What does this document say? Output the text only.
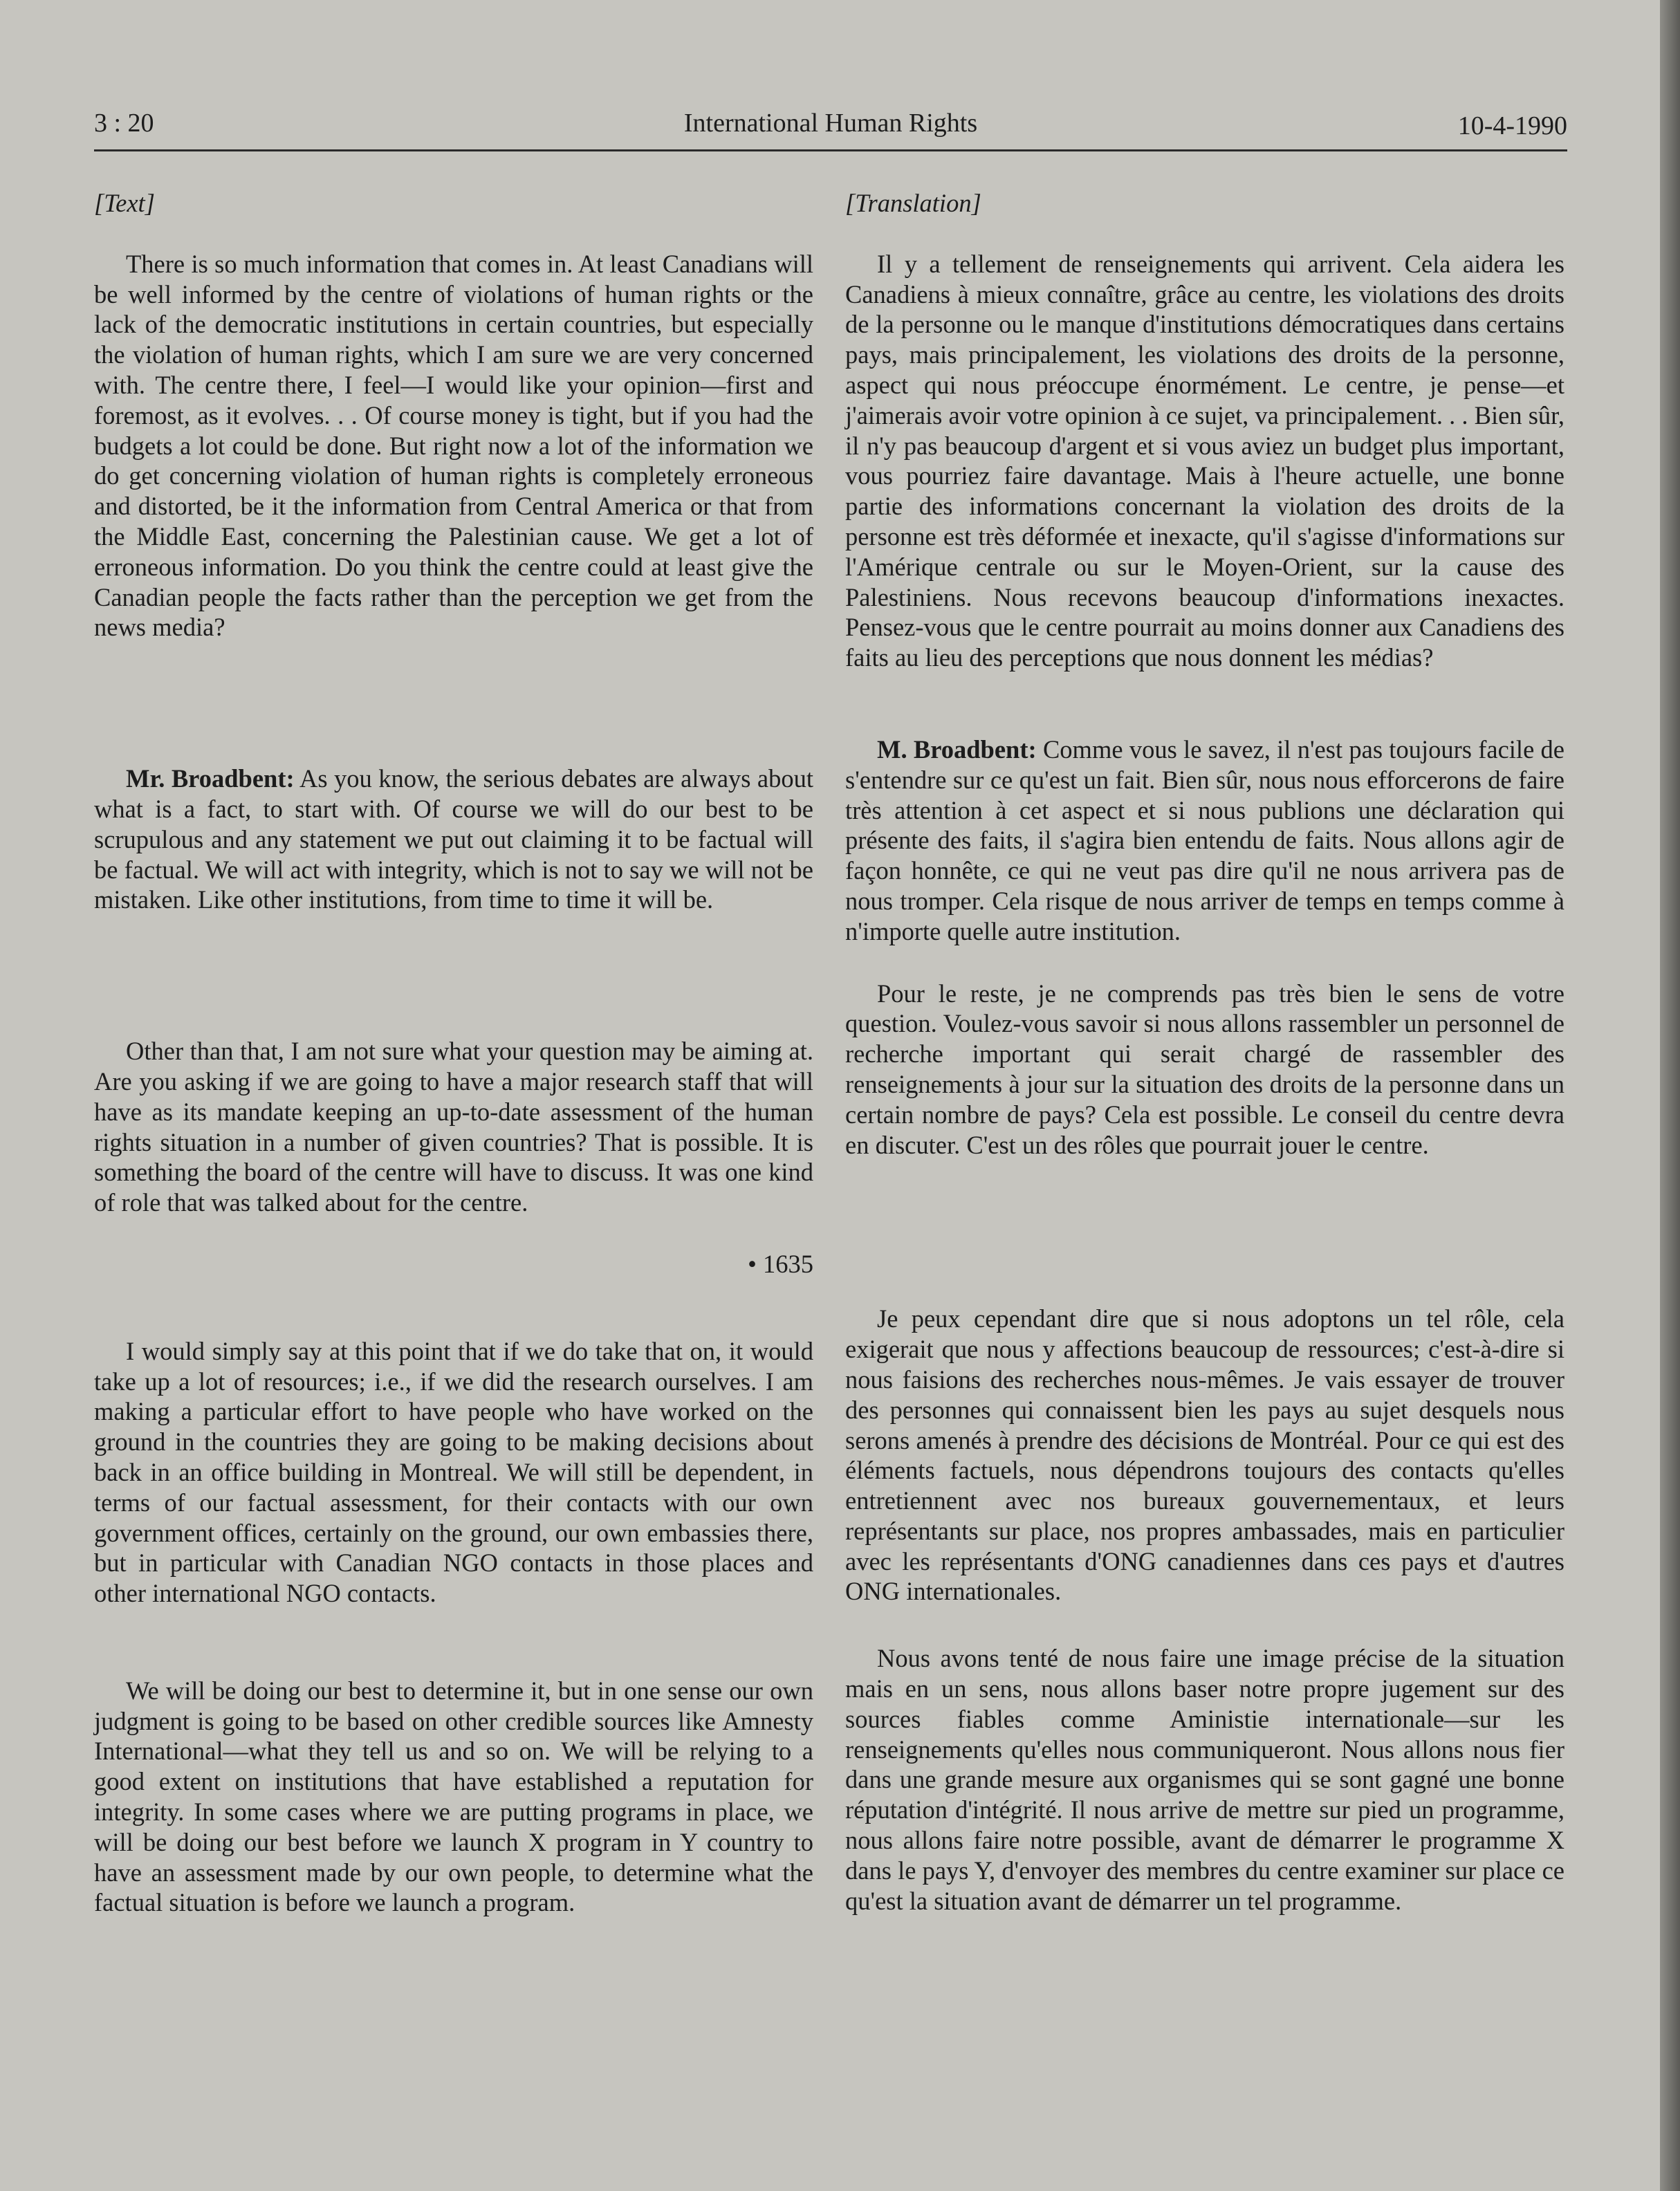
3 : 20	International Human Rights	10-4-1990
[Text]

There is so much information that comes in. At least Canadians will be well informed by the centre of violations of human rights or the lack of the democratic institutions in certain countries, but especially the violation of human rights, which I am sure we are very concerned with. The centre there, I feel—I would like your opinion—first and foremost, as it evolves. . . Of course money is tight, but if you had the budgets a lot could be done. But right now a lot of the information we do get concerning violation of human rights is completely erroneous and distorted, be it the information from Central America or that from the Middle East, concerning the Palestinian cause. We get a lot of erroneous information. Do you think the centre could at least give the Canadian people the facts rather than the perception we get from the news media?

Mr. Broadbent: As you know, the serious debates are always about what is a fact, to start with. Of course we will do our best to be scrupulous and any statement we put out claiming it to be factual will be factual. We will act with integrity, which is not to say we will not be mistaken. Like other institutions, from time to time it will be.

Other than that, I am not sure what your question may be aiming at. Are you asking if we are going to have a major research staff that will have as its mandate keeping an up-to-date assessment of the human rights situation in a number of given countries? That is possible. It is something the board of the centre will have to discuss. It was one kind of role that was talked about for the centre.

• 1635

I would simply say at this point that if we do take that on, it would take up a lot of resources; i.e., if we did the research ourselves. I am making a particular effort to have people who have worked on the ground in the countries they are going to be making decisions about back in an office building in Montreal. We will still be dependent, in terms of our factual assessment, for their contacts with our own government offices, certainly on the ground, our own embassies there, but in particular with Canadian NGO contacts in those places and other international NGO contacts.

We will be doing our best to determine it, but in one sense our own judgment is going to be based on other credible sources like Amnesty International—what they tell us and so on. We will be relying to a good extent on institutions that have established a reputation for integrity. In some cases where we are putting programs in place, we will be doing our best before we launch X program in Y country to have an assessment made by our own people, to determine what the factual situation is before we launch a program.

[Translation]

Il y a tellement de renseignements qui arrivent. Cela aidera les Canadiens à mieux connaître, grâce au centre, les violations des droits de la personne ou le manque d'institutions démocratiques dans certains pays, mais principalement, les violations des droits de la personne, aspect qui nous préoccupe énormément. Le centre, je pense—et j'aimerais avoir votre opinion à ce sujet, va principalement. . . Bien sûr, il n'y pas beaucoup d'argent et si vous aviez un budget plus important, vous pourriez faire davantage. Mais à l'heure actuelle, une bonne partie des informations concernant la violation des droits de la personne est très déformée et inexacte, qu'il s'agisse d'informations sur l'Amérique centrale ou sur le Moyen-Orient, sur la cause des Palestiniens. Nous recevons beaucoup d'informations inexactes. Pensez-vous que le centre pourrait au moins donner aux Canadiens des faits au lieu des perceptions que nous donnent les médias?

M. Broadbent: Comme vous le savez, il n'est pas toujours facile de s'entendre sur ce qu'est un fait. Bien sûr, nous nous efforcerons de faire très attention à cet aspect et si nous publions une déclaration qui présente des faits, il s'agira bien entendu de faits. Nous allons agir de façon honnête, ce qui ne veut pas dire qu'il ne nous arrivera pas de nous tromper. Cela risque de nous arriver de temps en temps comme à n'importe quelle autre institution.

Pour le reste, je ne comprends pas très bien le sens de votre question. Voulez-vous savoir si nous allons rassembler un personnel de recherche important qui serait chargé de rassembler des renseignements à jour sur la situation des droits de la personne dans un certain nombre de pays? Cela est possible. Le conseil du centre devra en discuter. C'est un des rôles que pourrait jouer le centre.

Je peux cependant dire que si nous adoptons un tel rôle, cela exigerait que nous y affections beaucoup de ressources; c'est-à-dire si nous faisions des recherches nous-mêmes. Je vais essayer de trouver des personnes qui connaissent bien les pays au sujet desquels nous serons amenés à prendre des décisions de Montréal. Pour ce qui est des éléments factuels, nous dépendrons toujours des contacts qu'elles entretiennent avec nos bureaux gouvernementaux, et leurs représentants sur place, nos propres ambassades, mais en particulier avec les représentants d'ONG canadiennes dans ces pays et d'autres ONG internationales.

Nous avons tenté de nous faire une image précise de la situation mais en un sens, nous allons baser notre propre jugement sur des sources fiables comme Aministie internationale—sur les renseignements qu'elles nous communiqueront. Nous allons nous fier dans une grande mesure aux organismes qui se sont gagné une bonne réputation d'intégrité. Il nous arrive de mettre sur pied un programme, nous allons faire notre possible, avant de démarrer le programme X dans le pays Y, d'envoyer des membres du centre examiner sur place ce qu'est la situation avant de démarrer un tel programme.
